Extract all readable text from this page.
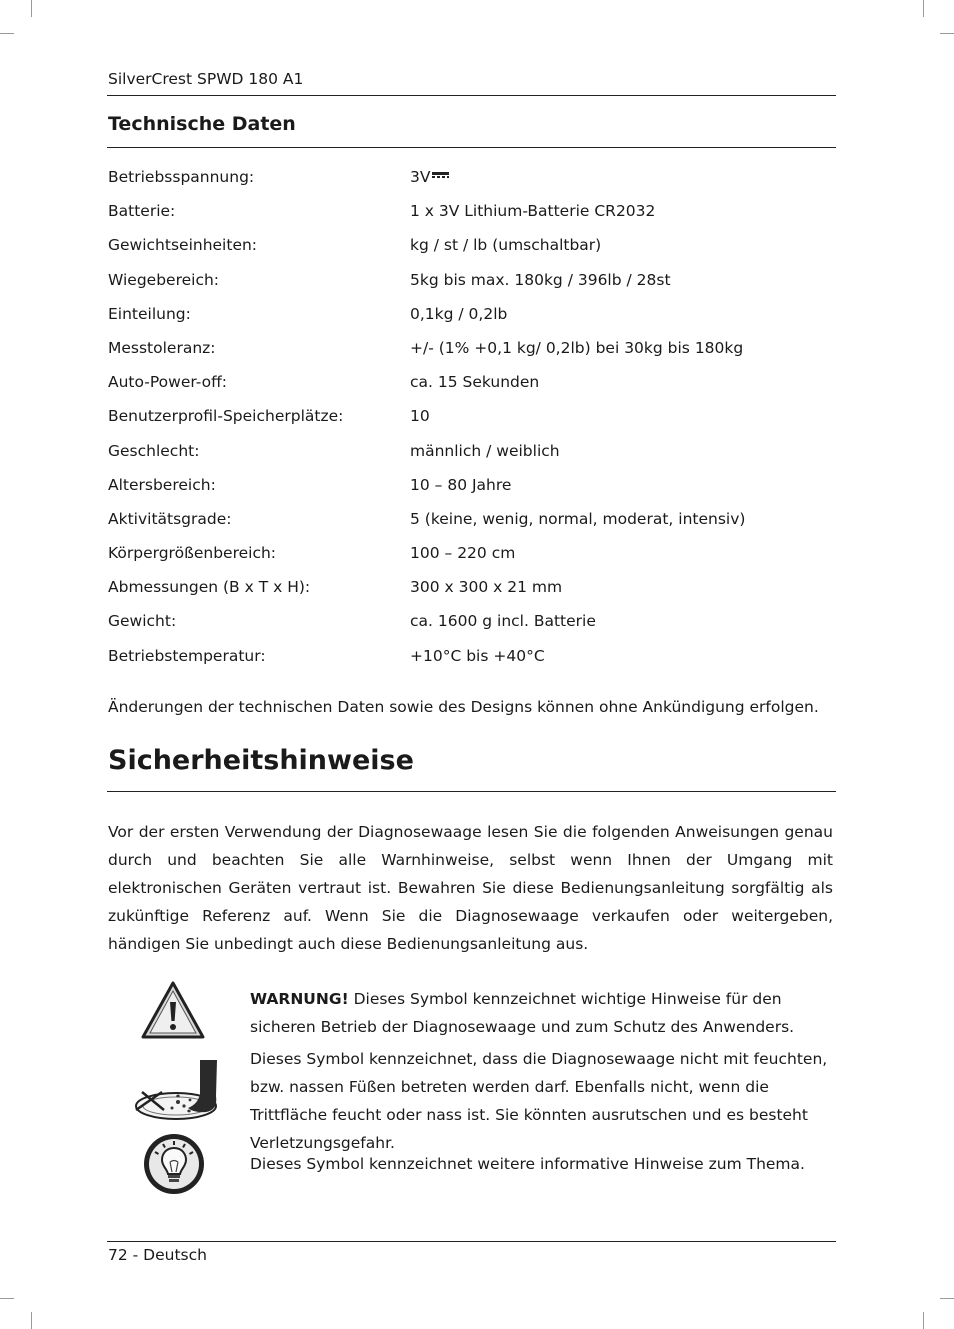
SilverCrest SPWD 180 A1
Technische Daten
Betriebsspannung:	3V
Batterie:	1 x 3V Lithium-Batterie CR2032
Gewichtseinheiten:	kg / st / lb (umschaltbar)
Wiegebereich:	5kg bis max. 180kg / 396lb / 28st
Einteilung:	0,1kg / 0,2lb
Messtoleranz:	+/- (1% +0,1 kg/ 0,2lb) bei 30kg bis 180kg
Auto-Power-off:	ca. 15 Sekunden
Benutzerprofil-Speicherplätze:	10
Geschlecht:	männlich / weiblich
Altersbereich:	10 – 80 Jahre
Aktivitätsgrade:	5 (keine, wenig, normal, moderat, intensiv)
Körpergrößenbereich:	100 – 220 cm
Abmessungen (B x T x H):	300 x 300 x 21 mm
Gewicht:	ca. 1600 g incl. Batterie
Betriebstemperatur:	+10°C bis +40°C
Änderungen der technischen Daten sowie des Designs können ohne Ankündigung erfolgen.
Sicherheitshinweise
Vor der ersten Verwendung der Diagnosewaage lesen Sie die folgenden Anweisungen genau durch und beachten Sie alle Warnhinweise, selbst wenn Ihnen der Umgang mit elektronischen Geräten vertraut ist. Bewahren Sie diese Bedienungsanleitung sorgfältig als zukünftige Referenz auf. Wenn Sie die Diagnosewaage verkaufen oder weitergeben, händigen Sie unbedingt auch diese Bedienungsanleitung aus.
WARNUNG! Dieses Symbol kennzeichnet wichtige Hinweise für den sicheren Betrieb der Diagnosewaage und zum Schutz des Anwenders.
Dieses Symbol kennzeichnet, dass die Diagnosewaage nicht mit feuchten, bzw. nassen Füßen betreten werden darf. Ebenfalls nicht, wenn die Trittfläche feucht oder nass ist. Sie könnten ausrutschen und es besteht Verletzungsgefahr.
Dieses Symbol kennzeichnet weitere informative Hinweise zum Thema.
72 - Deutsch
